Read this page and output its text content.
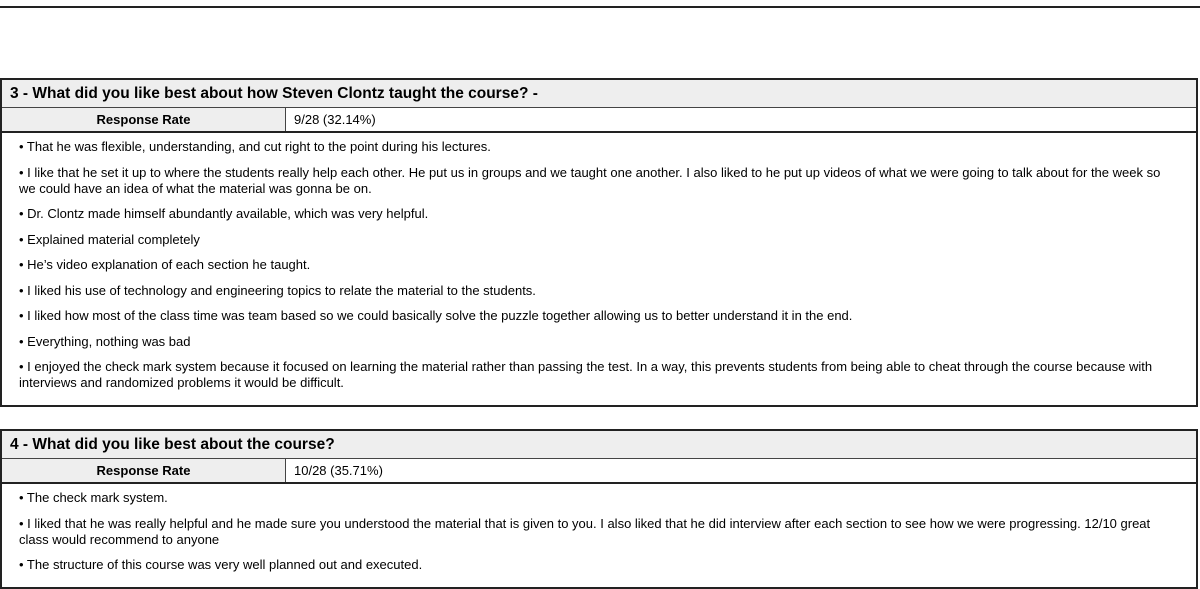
3 - What did you like best about how Steven Clontz taught the course? -
Response Rate	9/28 (32.14%)
• That he was flexible, understanding, and cut right to the point during his lectures.
• I like that he set it up to where the students really help each other. He put us in groups and we taught one another. I also liked to he put up videos of what we were going to talk about for the week so we could have an idea of what the material was gonna be on.
• Dr. Clontz made himself abundantly available, which was very helpful.
• Explained material completely
• He’s video explanation of each section he taught.
• I liked his use of technology and engineering topics to relate the material to the students.
• I liked how most of the class time was team based so we could basically solve the puzzle together allowing us to better understand it in the end.
• Everything, nothing was bad
• I enjoyed the check mark system because it focused on learning the material rather than passing the test. In a way, this prevents students from being able to cheat through the course because with interviews and randomized problems it would be difficult.
4 - What did you like best about the course?
Response Rate	10/28 (35.71%)
• The check mark system.
• I liked that he was really helpful and he made sure you understood the material that is given to you. I also liked that he did interview after each section to see how we were progressing. 12/10 great class would recommend to anyone
• The structure of this course was very well planned out and executed.
